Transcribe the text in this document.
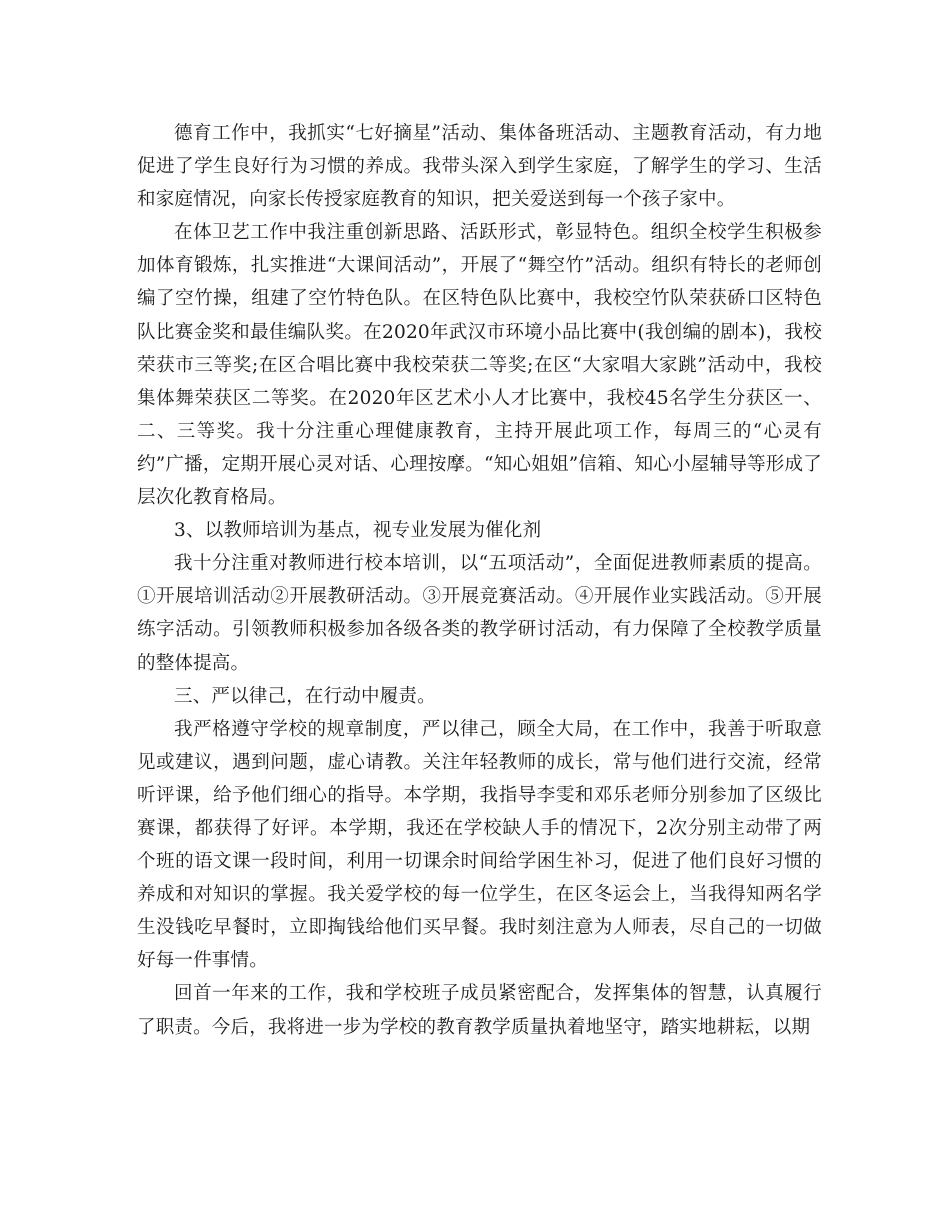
德育工作中，我抓实“七好摘星”活动、集体备班活动、主题教育活动，有力地促进了学生良好行为习惯的养成。我带头深入到学生家庭，了解学生的学习、生活和家庭情况，向家长传授家庭教育的知识，把关爱送到每一个孩子家中。

在体卫艺工作中我注重创新思路、活跃形式，彰显特色。组织全校学生积极参加体育锻炼，扎实推进“大课间活动”，开展了“舞空竹”活动。组织有特长的老师创编了空竹操，组建了空竹特色队。在区特色队比赛中，我校空竹队荣获硚口区特色队比赛金奖和最佳编队奖。在2020年武汉市环境小品比赛中(我创编的剧本)，我校荣获市三等奖;在区合唱比赛中我校荣获二等奖;在区“大家唱大家跳”活动中，我校集体舞荣获区二等奖。在2020年区艺术小人才比赛中，我校45名学生分获区一、二、三等奖。我十分注重心理健康教育，主持开展此项工作，每周三的“心灵有约”广播，定期开展心灵对话、心理按摩。“知心姐姐”信箱、知心小屋辅导等形成了层次化教育格局。

3、以教师培训为基点，视专业发展为催化剂

我十分注重对教师进行校本培训，以“五项活动”，全面促进教师素质的提高。①开展培训活动②开展教研活动。③开展竞赛活动。④开展作业实践活动。⑤开展练字活动。引领教师积极参加各级各类的教学研讨活动，有力保障了全校教学质量的整体提高。

三、严以律己，在行动中履责。

我严格遵守学校的规章制度，严以律己，顾全大局，在工作中，我善于听取意见或建议，遇到问题，虚心请教。关注年轻教师的成长，常与他们进行交流，经常听评课，给予他们细心的指导。本学期，我指导李雯和邓乐老师分别参加了区级比赛课，都获得了好评。本学期，我还在学校缺人手的情况下，2次分别主动带了两个班的语文课一段时间，利用一切课余时间给学困生补习，促进了他们良好习惯的养成和对知识的掌握。我关爱学校的每一位学生，在区冬运会上，当我得知两名学生没钱吃早餐时，立即掏钱给他们买早餐。我时刻注意为人师表，尽自己的一切做好每一件事情。

回首一年来的工作，我和学校班子成员紧密配合，发挥集体的智慧，认真履行了职责。今后，我将进一步为学校的教育教学质量执着地坚守，踏实地耕耘，以期
